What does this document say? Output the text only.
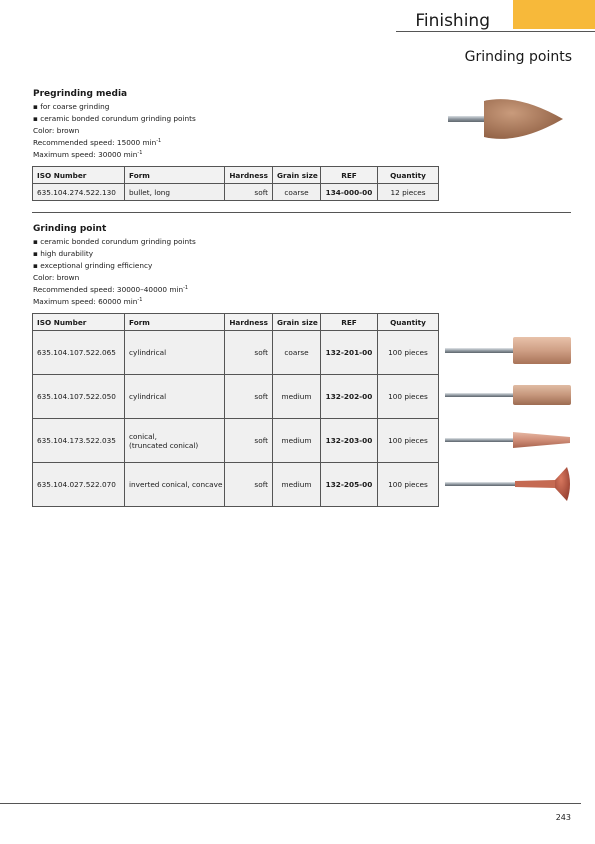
Finishing
Grinding points
Pregrinding media
▪ for coarse grinding
▪ ceramic bonded corundum grinding points
Color: brown
Recommended speed: 15000 $\min^{-1}$
Maximum speed: 30000 $\min^{-1}$
ISO Number	Form	Hardness	Grain size	REF	Quantity
635.104.274.522.130	bullet, long	soft	coarse	134-000-00	12 pieces
Grinding point
▪ ceramic bonded corundum grinding points
▪ high durability
▪ exceptional grinding efficiency
Color: brown
Recommended speed: 30000–40000 $\min^{-1}$
Maximum speed: 60000 $\min^{-1}$
ISO Number	Form	Hardness	Grain size	REF	Quantity
635.104.107.522.065	cylindrical	soft	coarse	132-201-00	100 pieces
635.104.107.522.050	cylindrical	soft	medium	132-202-00	100 pieces
635.104.173.522.035	conical,
(truncated conical)	soft	medium	132-203-00	100 pieces
635.104.027.522.070	inverted conical, concave	soft	medium	132-205-00	100 pieces
243
